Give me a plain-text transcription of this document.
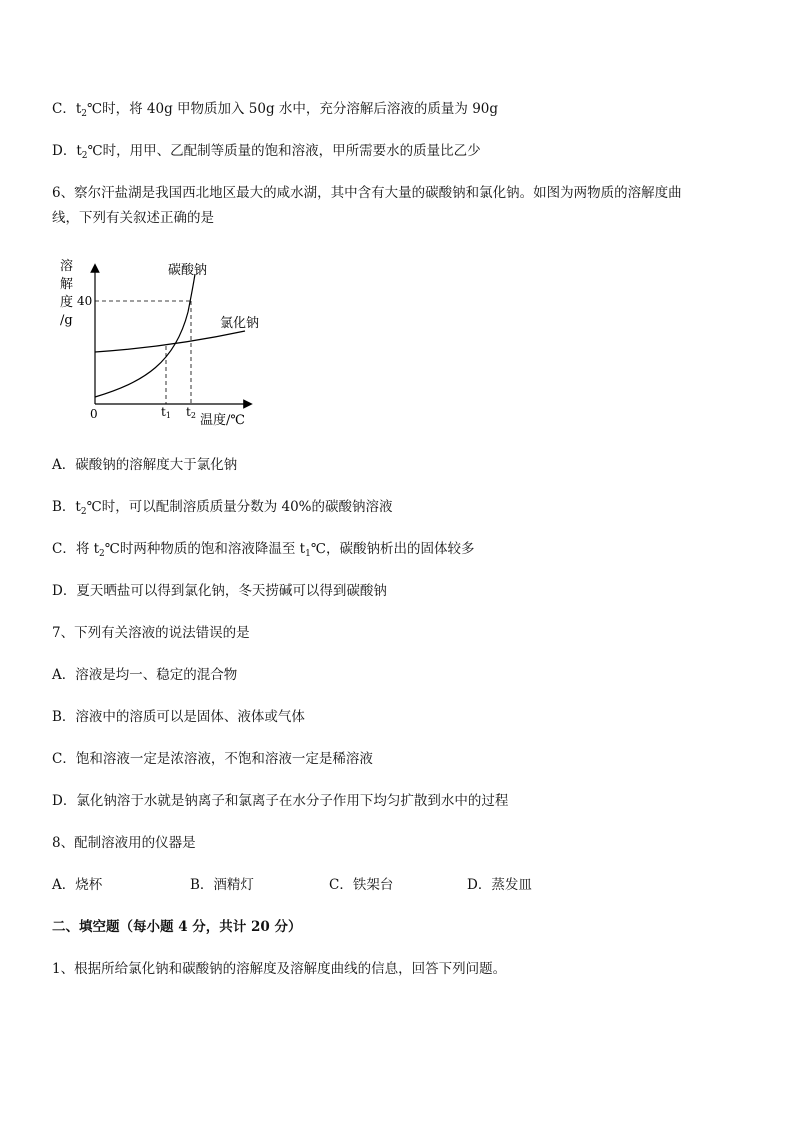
C．$t_2℃$时，将 40g 甲物质加入 50g 水中，充分溶解后溶液的质量为 90g
D．$t_2℃$时，用甲、乙配制等质量的饱和溶液，甲所需要水的质量比乙少
6、察尔汗盐湖是我国西北地区最大的咸水湖，其中含有大量的碳酸钠和氯化钠。如图为两物质的溶解度曲
线，下列有关叙述正确的是
溶
解
度
/g
碳酸钠
氯化钠
40
0	t1 t2 温度/℃
A．碳酸钠的溶解度大于氯化钠
B．$t_2℃$时，可以配制溶质质量分数为 40%的碳酸钠溶液
C．将 $t_2℃$时两种物质的饱和溶液降温至 $t_1℃$，碳酸钠析出的固体较多
D．夏天晒盐可以得到氯化钠，冬天捞碱可以得到碳酸钠
7、下列有关溶液的说法错误的是
A．溶液是均一、稳定的混合物
B．溶液中的溶质可以是固体、液体或气体
C．饱和溶液一定是浓溶液，不饱和溶液一定是稀溶液
D．氯化钠溶于水就是钠离子和氯离子在水分子作用下均匀扩散到水中的过程
8、配制溶液用的仪器是
A．烧杯	B．酒精灯	C．铁架台	D．蒸发皿
二、填空题（每小题 4 分，共计 20 分）
1、根据所给氯化钠和碳酸钠的溶解度及溶解度曲线的信息，回答下列问题。
